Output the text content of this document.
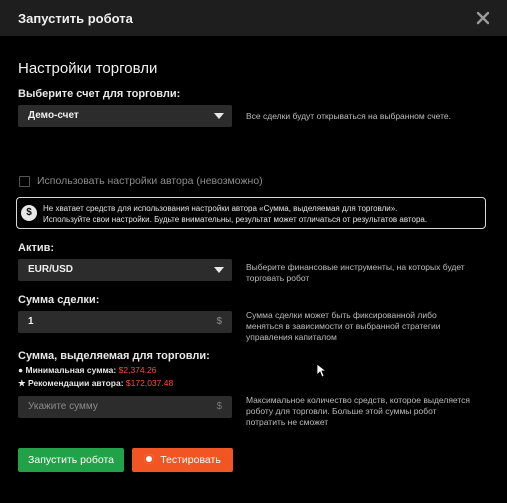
Запустить робота
Настройки торговли
Выберите счет для торговли:
Демо-счет	Все сделки будут открываться на выбранном счете.
Использовать настройки автора (невозможно)
$	Не хватает средств для использования настройки автора «Сумма, выделяемая для торговли».
Используйте свои настройки. Будьте внимательны, результат может отличаться от результатов автора.
Актив:
EUR/USD	Выберите финансовые инструменты, на которых будет торговать робот
Сумма сделки:
1	$
Сумма сделки может быть фиксированной либо меняться в зависимости от выбранной стратегии управления капиталом
Сумма, выделяемая для торговли:
● Минимальная сумма: $2,374.26
★ Рекомендации автора: $172,037.48
Укажите сумму	$
Максимальное количество средств, которое выделяется роботу для торговли. Больше этой суммы робот потратить не сможет
Запустить робота	Тестировать
